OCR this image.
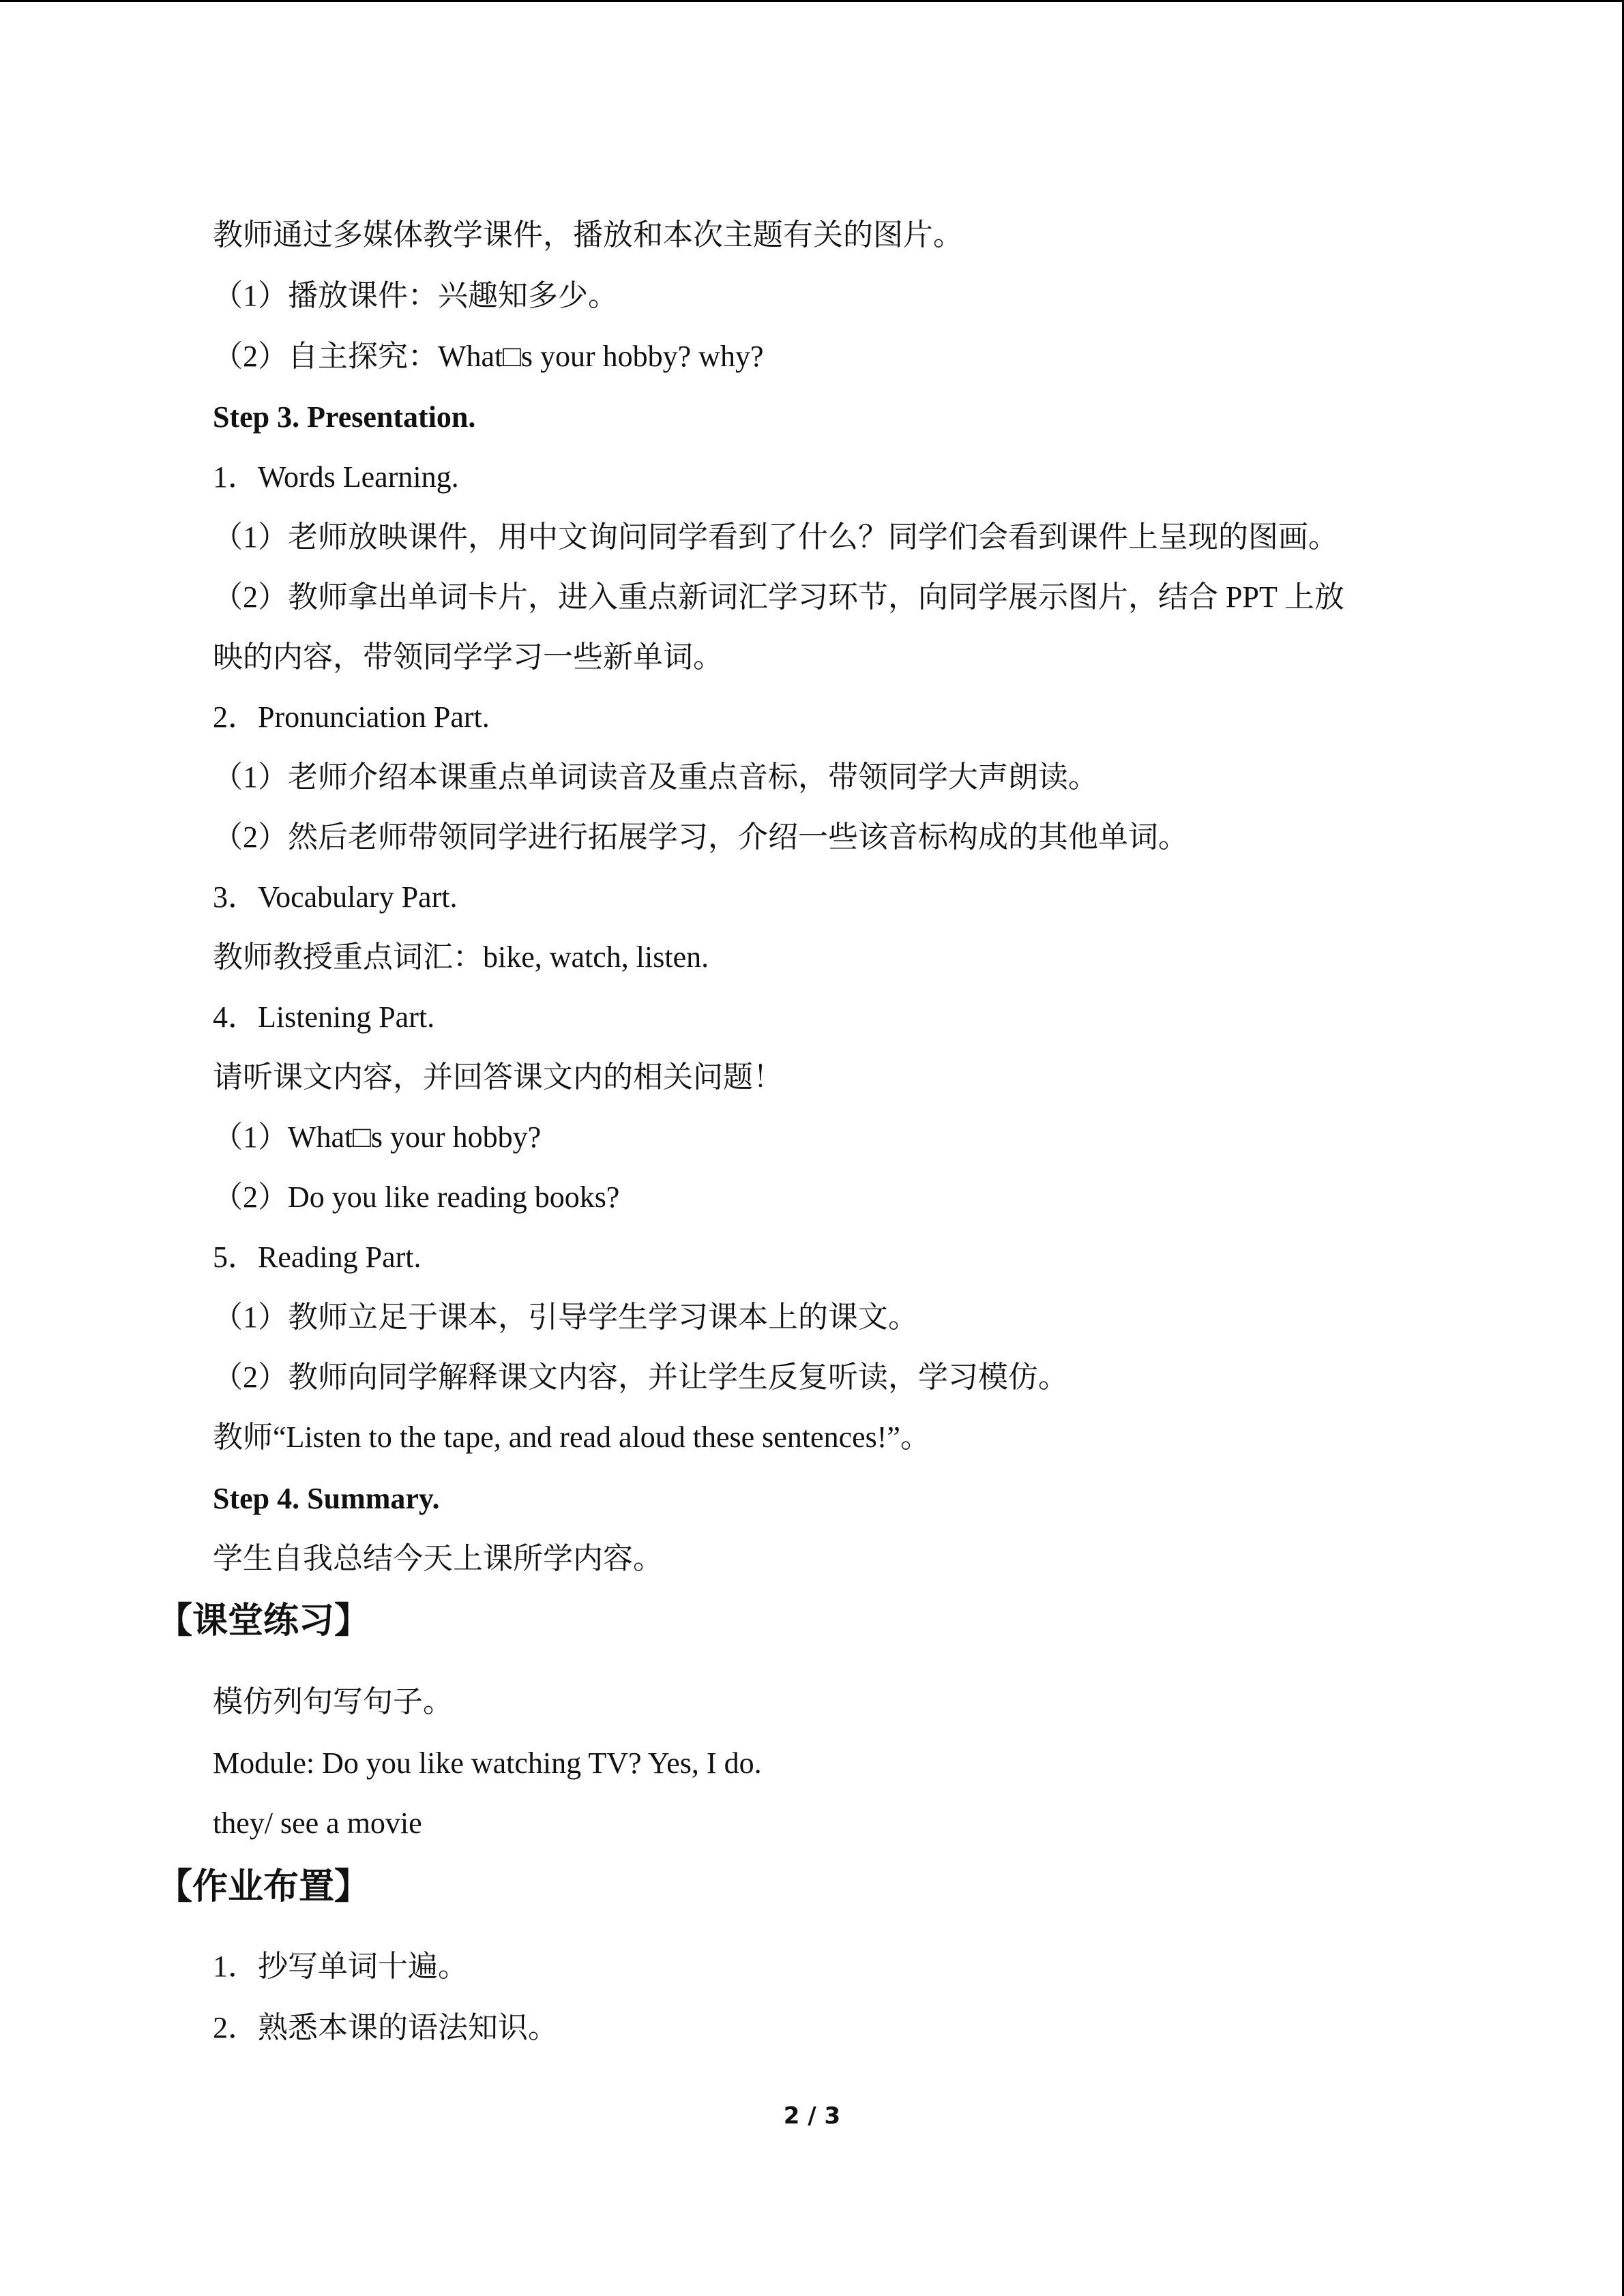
教师通过多媒体教学课件，播放和本次主题有关的图片。
（1）播放课件：兴趣知多少。
（2）自主探究：What□s your hobby? why?
Step 3. Presentation.
1．Words Learning.
（1）老师放映课件，用中文询问同学看到了什么？同学们会看到课件上呈现的图画。
（2）教师拿出单词卡片，进入重点新词汇学习环节，向同学展示图片，结合 PPT 上放
映的内容，带领同学学习一些新单词。
2．Pronunciation Part.
（1）老师介绍本课重点单词读音及重点音标，带领同学大声朗读。
（2）然后老师带领同学进行拓展学习，介绍一些该音标构成的其他单词。
3．Vocabulary Part.
教师教授重点词汇：bike, watch, listen.
4．Listening Part.
请听课文内容，并回答课文内的相关问题！
（1）What□s your hobby?
（2）Do you like reading books?
5．Reading Part.
（1）教师立足于课本，引导学生学习课本上的课文。
（2）教师向同学解释课文内容，并让学生反复听读，学习模仿。
教师“Listen to the tape, and read aloud these sentences!”。
Step 4. Summary.
学生自我总结今天上课所学内容。
【课堂练习】
模仿列句写句子。
Module: Do you like watching TV? Yes, I do.
they/ see a movie
【作业布置】
1．抄写单词十遍。
2．熟悉本课的语法知识。
2 / 3
